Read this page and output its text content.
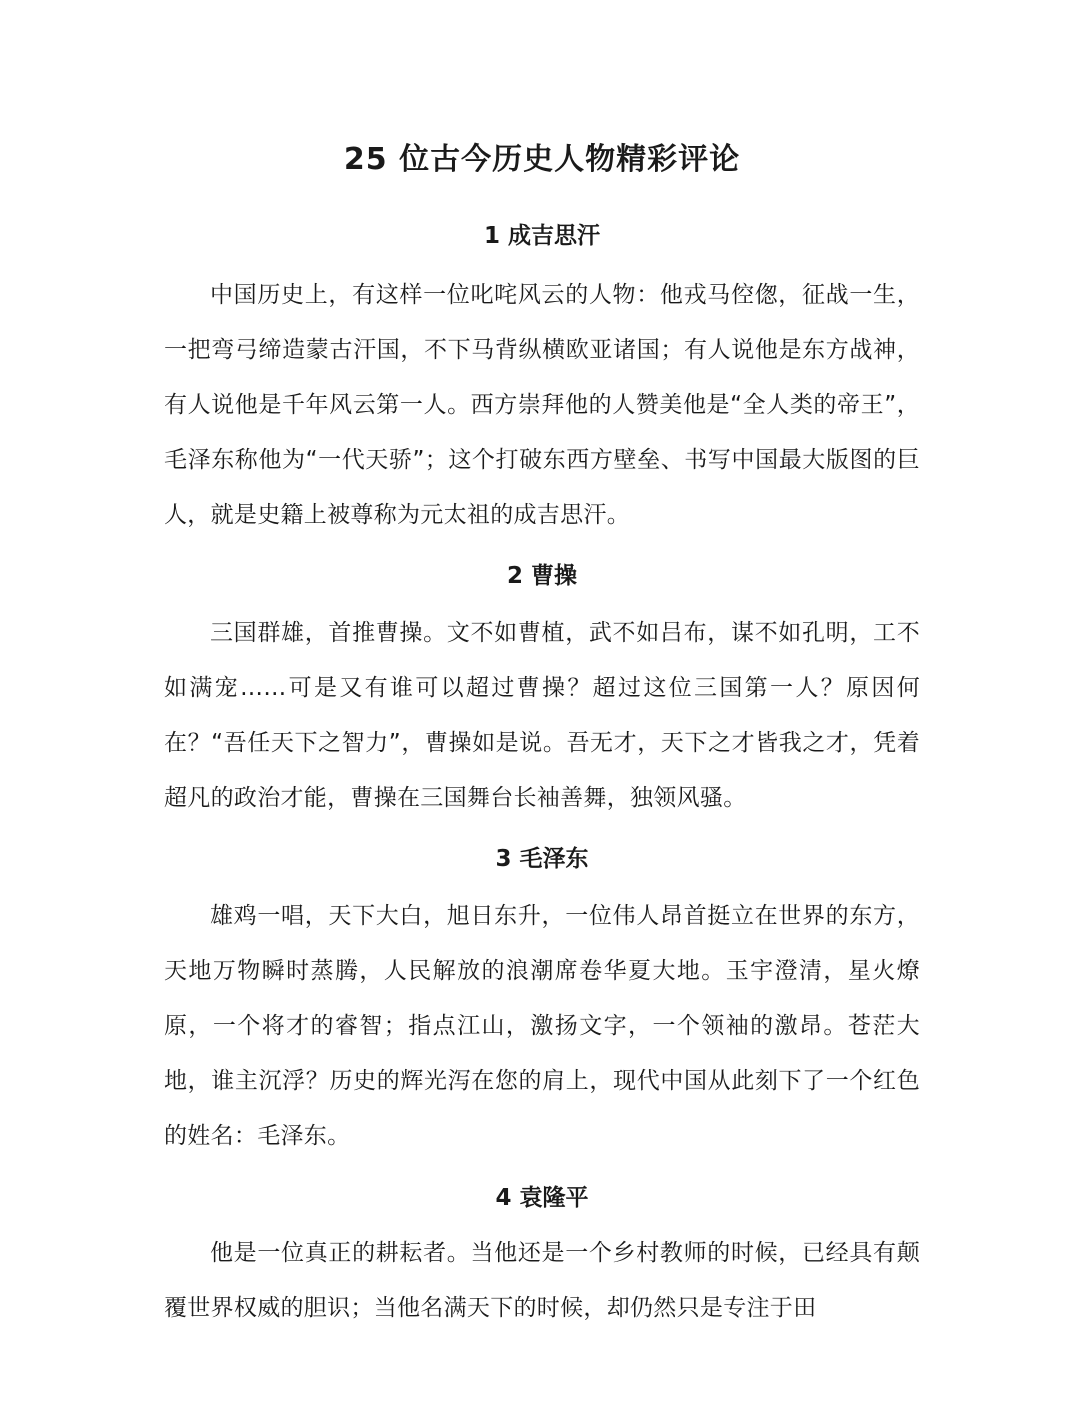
25 位古今历史人物精彩评论
1 成吉思汗

中国历史上，有这样一位叱咤风云的人物：他戎马倥偬，征战一生，一把弯弓缔造蒙古汗国，不下马背纵横欧亚诸国；有人说他是东方战神，有人说他是千年风云第一人。西方崇拜他的人赞美他是“全人类的帝王”，毛泽东称他为“一代天骄”；这个打破东西方壁垒、书写中国最大版图的巨人，就是史籍上被尊称为元太祖的成吉思汗。

2 曹操

三国群雄，首推曹操。文不如曹植，武不如吕布，谋不如孔明，工不如满宠……可是又有谁可以超过曹操？超过这位三国第一人？原因何在？“吾任天下之智力”，曹操如是说。吾无才，天下之才皆我之才，凭着超凡的政治才能，曹操在三国舞台长袖善舞，独领风骚。

3 毛泽东

雄鸡一唱，天下大白，旭日东升，一位伟人昂首挺立在世界的东方，天地万物瞬时蒸腾，人民解放的浪潮席卷华夏大地。玉宇澄清，星火燎原，一个将才的睿智；指点江山，激扬文字，一个领袖的激昂。苍茫大地，谁主沉浮？历史的辉光泻在您的肩上，现代中国从此刻下了一个红色的姓名：毛泽东。

4 袁隆平

他是一位真正的耕耘者。当他还是一个乡村教师的时候，已经具有颠覆世界权威的胆识；当他名满天下的时候，却仍然只是专注于田
